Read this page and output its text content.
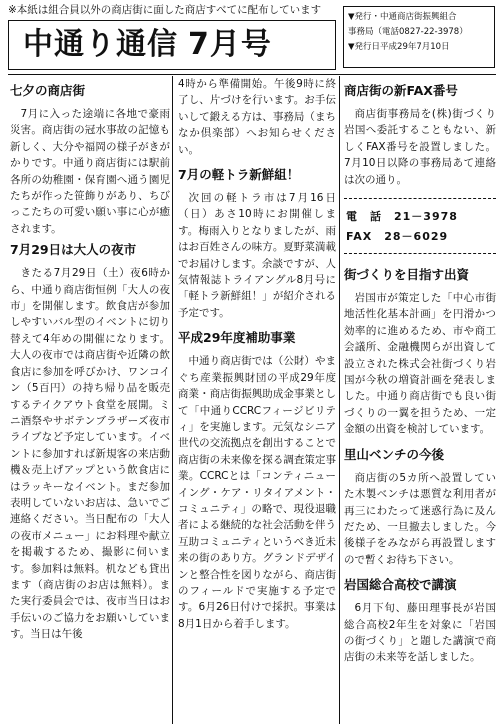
※本紙は組合員以外の商店街に面した商店すべてに配布しています
中通り通信 7月号
▼発行・中通商店街振興組合
事務局（電話0827-22-3978）
▼発行日平成29年7月10日
七夕の商店街

7月に入った途端に各地で豪雨災害。商店街の冠水事故の記憶も新しく、大分や福岡の様子がきがかりです。中通り商店街には駅前各所の幼稚園・保育園へ通う園児たちが作った笹飾りがあり、ちびっこたちの可愛い願い事に心が癒されます。

7月29日は大人の夜市

きたる7月29日（土）夜6時から、中通り商店街恒例「大人の夜市」を開催します。飲食店が参加しやすいバル型のイベントに切り替えて4年めの開催になります。大人の夜市では商店街や近隣の飲食店に参加を呼びかけ、ワンコイン（5百円）の持ち帰り品を販売するテイクアウト食堂を展開。ミニ酒祭やサボテンブラザーズ夜市ライブなど予定しています。イベントに参加すれば新規客の来店動機＆売上げアップという飲食店にはラッキーなイベント。まだ参加表明していないお店は、急いでご連絡ください。当日配布の「大人の夜市メニュー」にお料理や献立を掲載するため、撮影に伺います。参加料は無料。机なども貸出ます（商店街のお店は無料）。また実行委員会では、夜市当日はお手伝いのご協力をお願いしています。当日は午後

4時から準備開始。午後9時に終了し、片づけを行います。お手伝いして鍛える方は、事務局（まちなか倶楽部）へお知らせください。

7月の軽トラ新鮮組！

次回の軽トラ市は7月16日（日）あさ10時にお開催します。梅雨入りとなりましたが、雨はお百姓さんの味方。夏野菜満載でお届けします。余談ですが、人気情報誌トライアングル8月号に「軽トラ新鮮組！」が紹介される予定です。

平成29年度補助事業

中通り商店街では（公財）やまぐち産業振興財団の平成29年度商業・商店街振興助成金事業として「中通りCCRCフィージビリティ」を実施します。元気なシニア世代の交流拠点を創出することで商店街の未来像を探る調査策定事業。CCRCとは「コンティニューイング・ケア・リタイアメント・コミュニティ」の略で、現役退職者による継続的な社会活動を伴う互助コミュニティというべき近未来の街のあり方。グランドデザインと整合性を図りながら、商店街のフィールドで実施する予定です。6月26日付けで採択。事業は8月1日から着手します。

商店街の新FAX番号

商店街事務局を(株)街づくり岩国へ委託することもない、新しくFAX番号を設置しました。7月10日以降の事務局あて連絡は次の通り。

電　話　21－3978
FAX　28－6029
街づくりを目指す出資

岩国市が策定した「中心市街地活性化基本計画」を円滑かつ効率的に進めるため、市や商工会議所、金融機関らが出資して設立された株式会社街づくり岩国が今秋の増資計画を発表しました。中通り商店街でも良い街づくりの一翼を担うため、一定金額の出資を検討しています。

里山ベンチの今後

商店街の5カ所へ設置していた木製ベンチは悪質な利用者が再三にわたって迷惑行為に及んだため、一旦撤去しました。今後様子をみながら再設置しますので暫くお待ち下さい。

岩国総合高校で講演

6月下旬、藤田理事長が岩国総合高校2年生を対象に「岩国の街づくり」と題した講演で商店街の未来等を話しました。
